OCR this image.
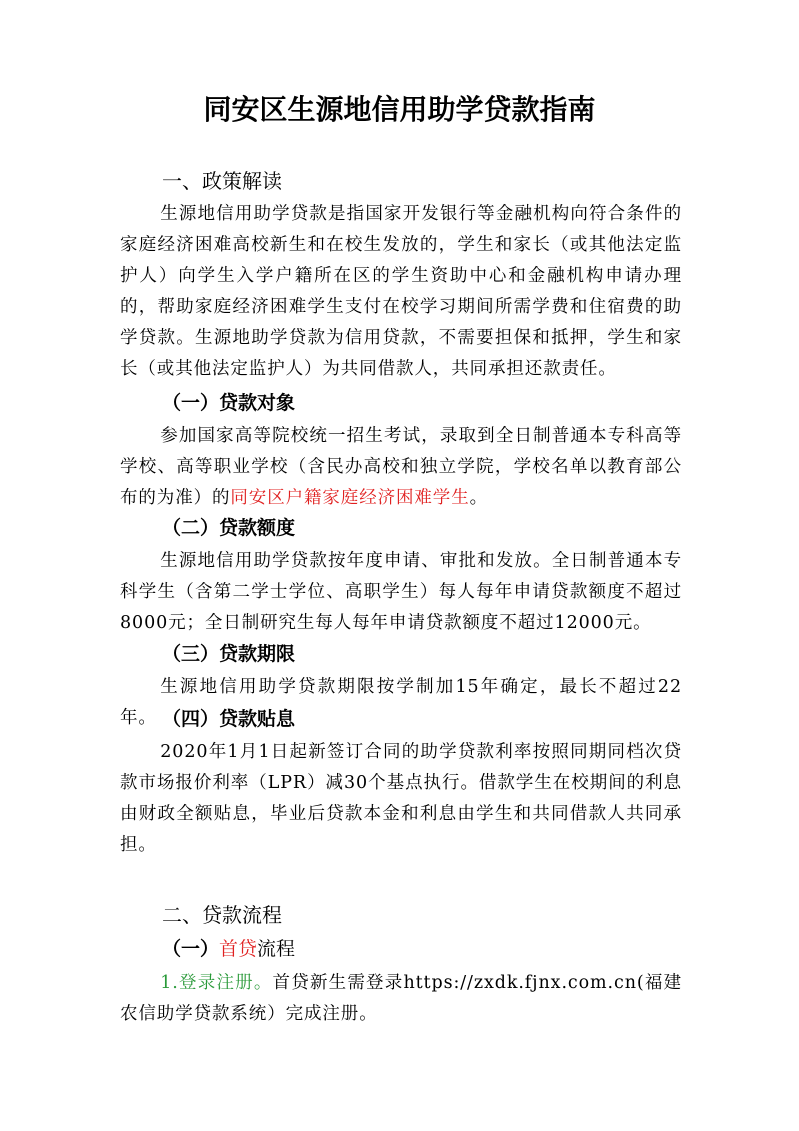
同安区生源地信用助学贷款指南
一、政策解读

生源地信用助学贷款是指国家开发银行等金融机构向符合条件的家庭经济困难高校新生和在校生发放的，学生和家长（或其他法定监护人）向学生入学户籍所在区的学生资助中心和金融机构申请办理的，帮助家庭经济困难学生支付在校学习期间所需学费和住宿费的助学贷款。生源地助学贷款为信用贷款，不需要担保和抵押，学生和家长（或其他法定监护人）为共同借款人，共同承担还款责任。

（一）贷款对象

参加国家高等院校统一招生考试，录取到全日制普通本专科高等学校、高等职业学校（含民办高校和独立学院，学校名单以教育部公布的为准）的同安区户籍家庭经济困难学生。

（二）贷款额度

生源地信用助学贷款按年度申请、审批和发放。全日制普通本专科学生（含第二学士学位、高职学生）每人每年申请贷款额度不超过8000元；全日制研究生每人每年申请贷款额度不超过12000元。

（三）贷款期限

生源地信用助学贷款期限按学制加15年确定，最长不超过22年。 （四）贷款贴息

2020年1月1日起新签订合同的助学贷款利率按照同期同档次贷款市场报价利率（LPR）减30个基点执行。借款学生在校期间的利息由财政全额贴息，毕业后贷款本金和利息由学生和共同借款人共同承担。

二、贷款流程
（一）首贷流程

1.登录注册。首贷新生需登录https://zxdk.fjnx.com.cn(福建农信助学贷款系统）完成注册。
